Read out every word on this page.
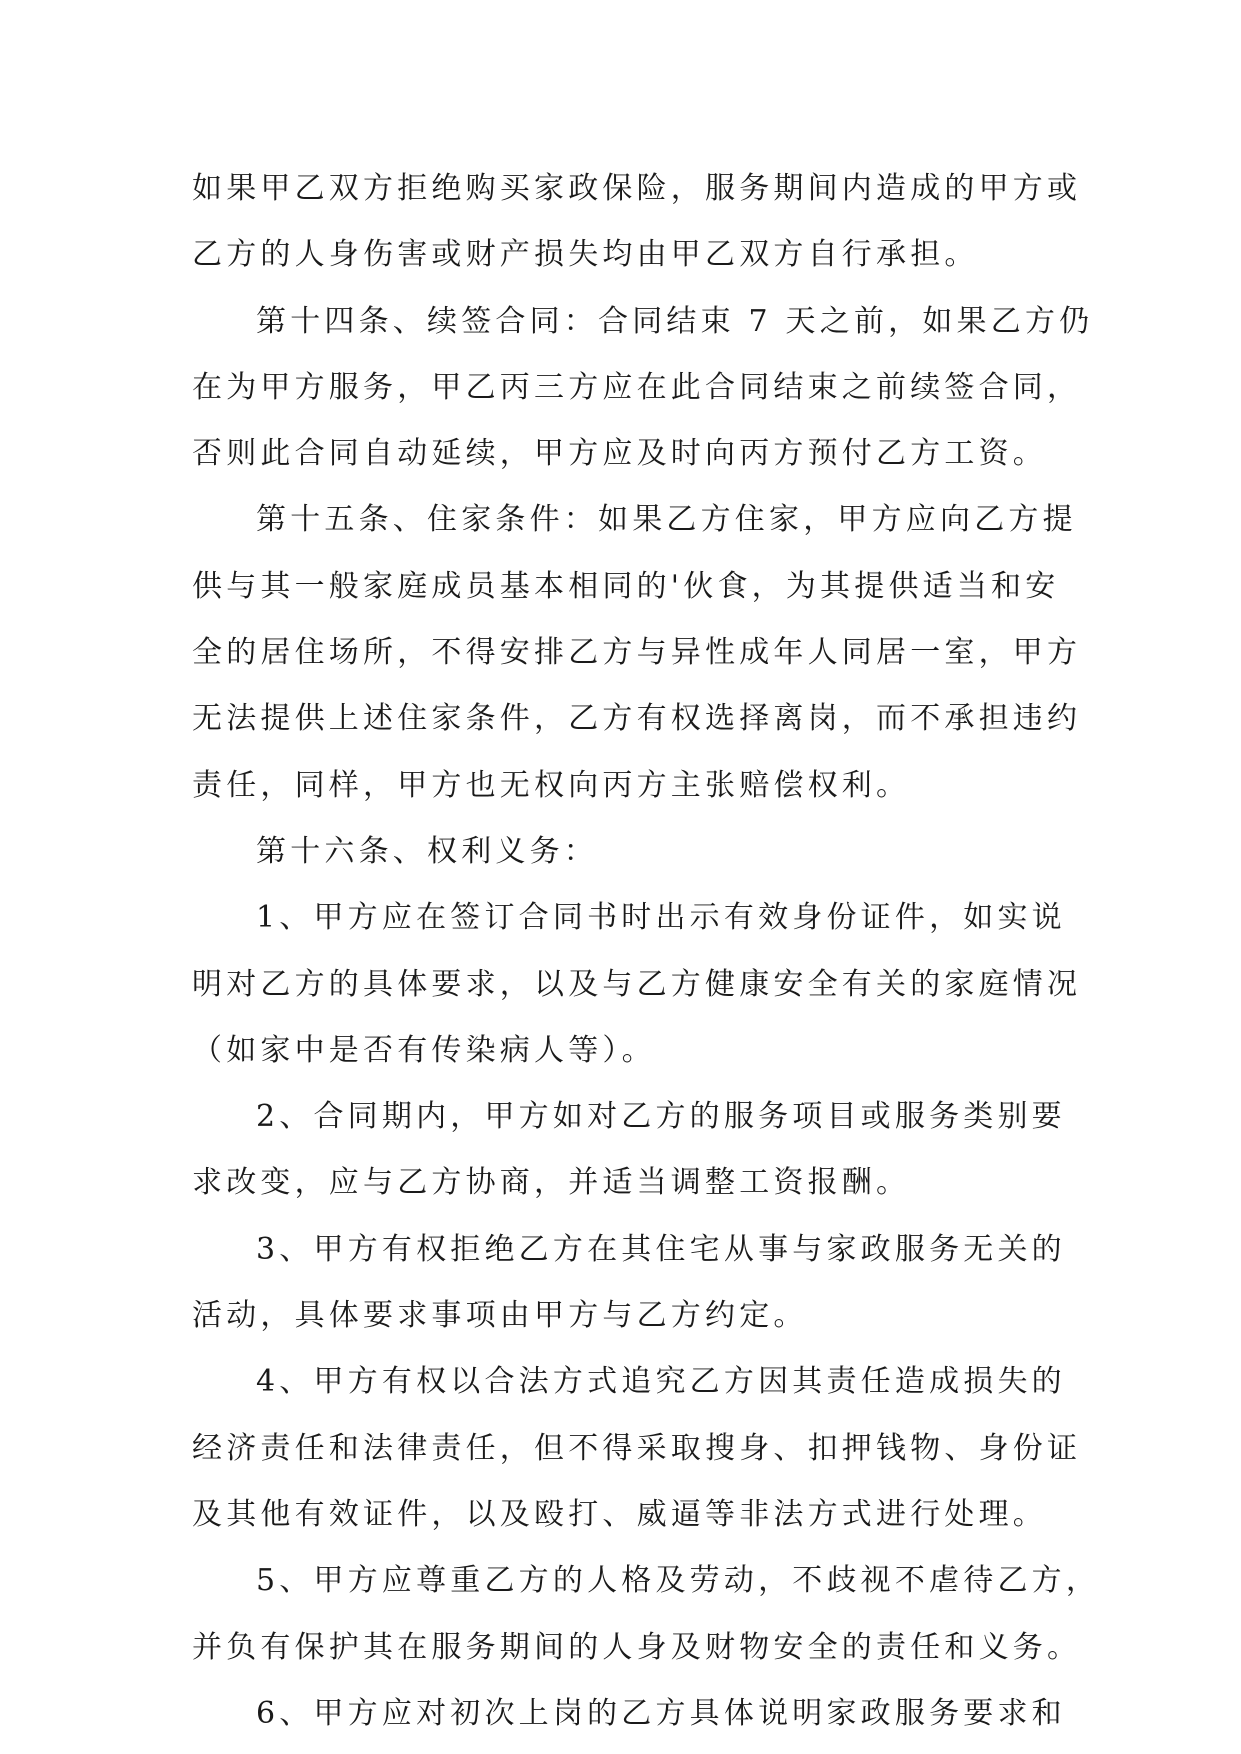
如果甲乙双方拒绝购买家政保险，服务期间内造成的甲方或
乙方的人身伤害或财产损失均由甲乙双方自行承担。
第十四条、续签合同：合同结束 7 天之前，如果乙方仍
在为甲方服务，甲乙丙三方应在此合同结束之前续签合同，
否则此合同自动延续，甲方应及时向丙方预付乙方工资。
第十五条、住家条件：如果乙方住家，甲方应向乙方提
供与其一般家庭成员基本相同的'伙食，为其提供适当和安
全的居住场所，不得安排乙方与异性成年人同居一室，甲方
无法提供上述住家条件，乙方有权选择离岗，而不承担违约
责任，同样，甲方也无权向丙方主张赔偿权利。
第十六条、权利义务：
1、甲方应在签订合同书时出示有效身份证件，如实说
明对乙方的具体要求，以及与乙方健康安全有关的家庭情况
（如家中是否有传染病人等）。
2、合同期内，甲方如对乙方的服务项目或服务类别要
求改变，应与乙方协商，并适当调整工资报酬。
3、甲方有权拒绝乙方在其住宅从事与家政服务无关的
活动，具体要求事项由甲方与乙方约定。
4、甲方有权以合法方式追究乙方因其责任造成损失的
经济责任和法律责任，但不得采取搜身、扣押钱物、身份证
及其他有效证件，以及殴打、威逼等非法方式进行处理。
5、甲方应尊重乙方的人格及劳动，不歧视不虐待乙方，
并负有保护其在服务期间的人身及财物安全的责任和义务。
6、甲方应对初次上岗的乙方具体说明家政服务要求和
